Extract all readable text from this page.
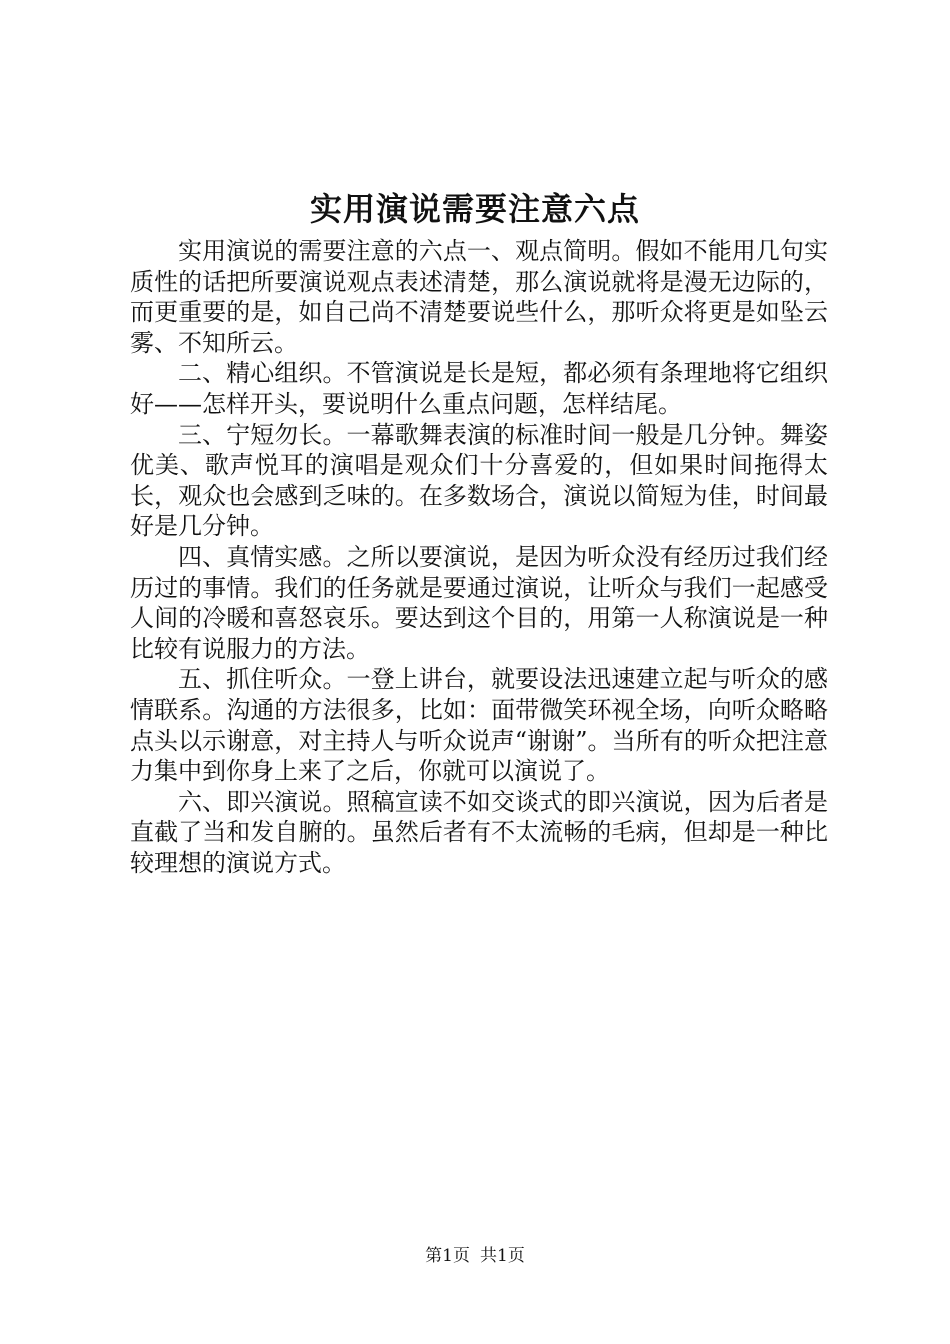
实用演说需要注意六点

实用演说的需要注意的六点一、观点简明。假如不能用几句实质性的话把所要演说观点表述清楚，那么演说就将是漫无边际的，而更重要的是，如自己尚不清楚要说些什么，那听众将更是如坠云雾、不知所云。

二、精心组织。不管演说是长是短，都必须有条理地将它组织好——怎样开头，要说明什么重点问题，怎样结尾。

三、宁短勿长。一幕歌舞表演的标准时间一般是几分钟。舞姿优美、歌声悦耳的演唱是观众们十分喜爱的，但如果时间拖得太长，观众也会感到乏味的。在多数场合，演说以简短为佳，时间最好是几分钟。

四、真情实感。之所以要演说，是因为听众没有经历过我们经历过的事情。我们的任务就是要通过演说，让听众与我们一起感受人间的冷暖和喜怒哀乐。要达到这个目的，用第一人称演说是一种比较有说服力的方法。

五、抓住听众。一登上讲台，就要设法迅速建立起与听众的感情联系。沟通的方法很多，比如：面带微笑环视全场，向听众略略点头以示谢意，对主持人与听众说声“谢谢”。当所有的听众把注意力集中到你身上来了之后，你就可以演说了。

六、即兴演说。照稿宣读不如交谈式的即兴演说，因为后者是直截了当和发自腑的。虽然后者有不太流畅的毛病，但却是一种比较理想的演说方式。

第1页 共1页
